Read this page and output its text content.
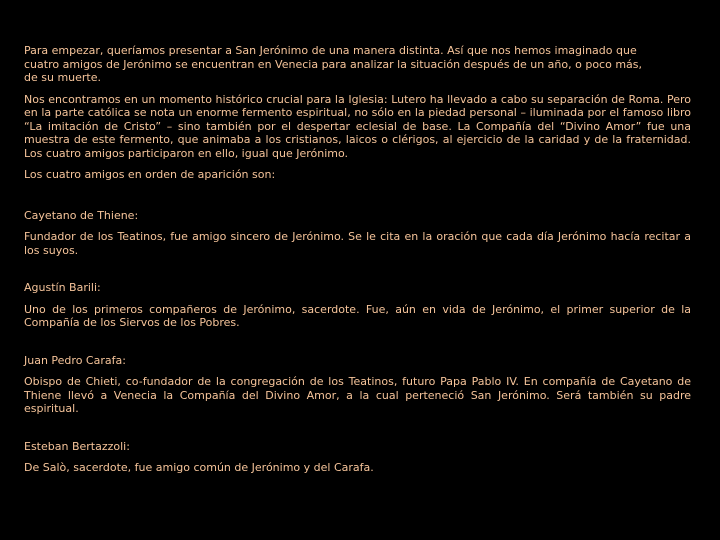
Para empezar, queríamos presentar a San Jerónimo de una manera distinta. Así que nos hemos imaginado que
cuatro amigos de Jerónimo se encuentran en Venecia para analizar la situación después de un año, o poco más,
de su muerte.

Nos encontramos en un momento histórico crucial para la Iglesia: Lutero ha llevado a cabo su separación de Roma. Pero en la parte católica se nota un enorme fermento espiritual, no sólo en la piedad personal – iluminada por el famoso libro “La imitación de Cristo” – sino también por el despertar eclesial de base. La Compañía del “Divino Amor” fue una muestra de este fermento, que animaba a los cristianos, laicos o clérigos, al ejercicio de la caridad y de la fraternidad. Los cuatro amigos participaron en ello, igual que Jerónimo.

Los cuatro amigos en orden de aparición son:

Cayetano de Thiene:

Fundador de los Teatinos, fue amigo sincero de Jerónimo. Se le cita en la oración que cada día Jerónimo hacía recitar a los suyos.

Agustín Barili:

Uno de los primeros compañeros de Jerónimo, sacerdote. Fue, aún en vida de Jerónimo, el primer superior de la Compañía de los Siervos de los Pobres.

Juan Pedro Carafa:

Obispo de Chieti, co-fundador de la congregación de los Teatinos, futuro Papa Pablo IV. En compañía de Cayetano de Thiene llevó a Venecia la Compañía del Divino Amor, a la cual perteneció San Jerónimo. Será también su padre espiritual.

Esteban Bertazzoli:

De Salò, sacerdote, fue amigo común de Jerónimo y del Carafa.
